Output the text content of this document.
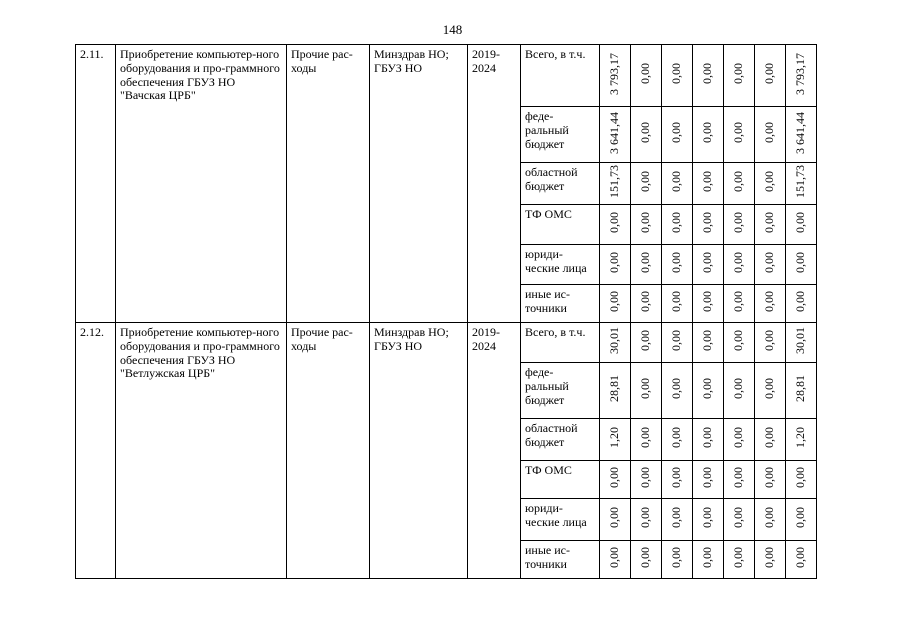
148
2.11.	Приобретение компьютер-ного оборудования и про-граммного обеспечения ГБУЗ НО "Вачская ЦРБ"	Прочие рас-ходы	Минздрав НО; ГБУЗ НО	2019-2024	Всего, в т.ч.	3 793,17	0,00	0,00	0,00	0,00	0,00	3 793,17
					феде-ральный бюджет	3 641,44	0,00	0,00	0,00	0,00	0,00	3 641,44
					областной бюджет	151,73	0,00	0,00	0,00	0,00	0,00	151,73
					ТФ ОМС	0,00	0,00	0,00	0,00	0,00	0,00	0,00
					юриди-ческие лица	0,00	0,00	0,00	0,00	0,00	0,00	0,00
					иные ис-точники	0,00	0,00	0,00	0,00	0,00	0,00	0,00
2.12.	Приобретение компьютер-ного оборудования и про-граммного обеспечения ГБУЗ НО "Ветлужская ЦРБ"	Прочие рас-ходы	Минздрав НО; ГБУЗ НО	2019-2024	Всего, в т.ч.	30,01	0,00	0,00	0,00	0,00	0,00	30,01
					феде-ральный бюджет	28,81	0,00	0,00	0,00	0,00	0,00	28,81
					областной бюджет	1,20	0,00	0,00	0,00	0,00	0,00	1,20
					ТФ ОМС	0,00	0,00	0,00	0,00	0,00	0,00	0,00
					юриди-ческие лица	0,00	0,00	0,00	0,00	0,00	0,00	0,00
					иные ис-точники	0,00	0,00	0,00	0,00	0,00	0,00	0,00
